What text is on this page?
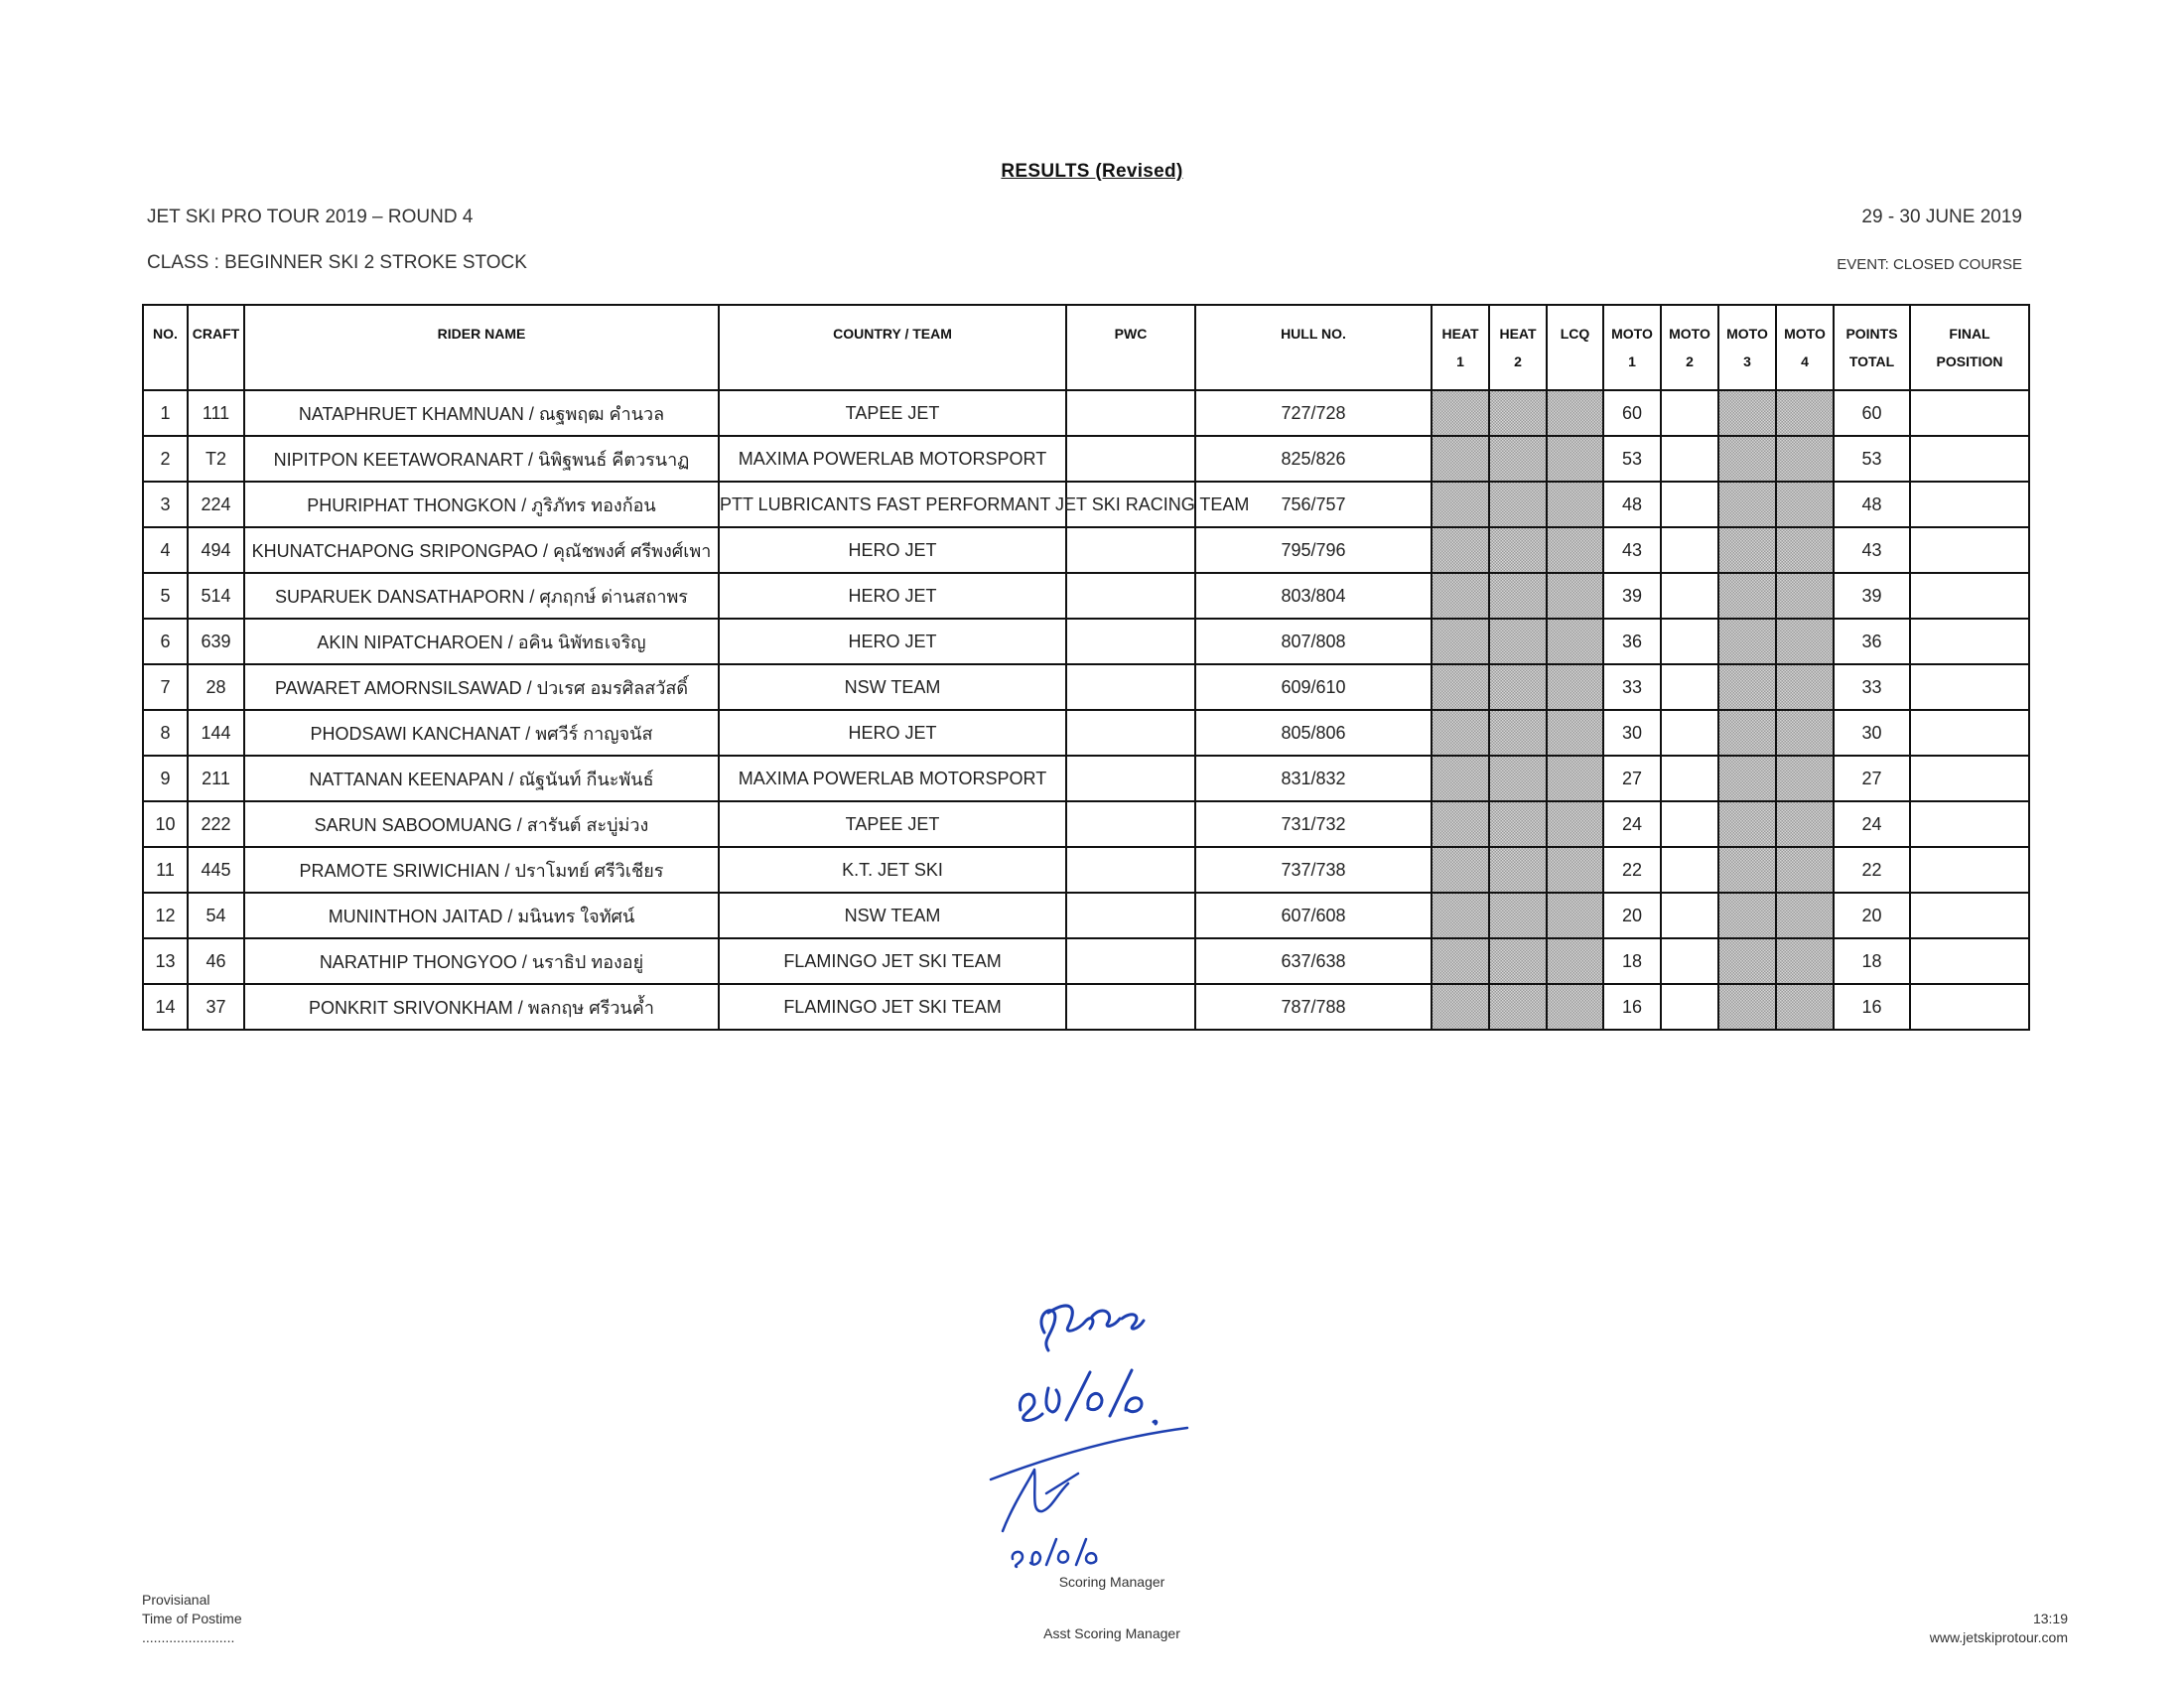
RESULTS (Revised)
JET SKI PRO TOUR 2019 – ROUND 4	29 - 30 JUNE 2019
CLASS : BEGINNER SKI 2 STROKE STOCK	EVENT: CLOSED COURSE
NO.	CRAFT	RIDER NAME	COUNTRY / TEAM	PWC	HULL NO.	HEAT	HEAT	LCQ	MOTO	MOTO	MOTO	MOTO	POINTS	FINAL
						1	2		1	2	3	4	TOTAL	POSITION
1	111	NATAPHRUET KHAMNUAN / ณฐพฤฒ คำนวล	TAPEE JET		727/728				60				60	
2	T2	NIPITPON KEETAWORANART / นิพิฐพนธ์ คีตวรนาฏ	MAXIMA POWERLAB MOTORSPORT		825/826				53				53	
3	224	PHURIPHAT THONGKON / ภูริภัทร ทองก้อน	PTT LUBRICANTS FAST PERFORMANT JET SKI RACING TEAM		756/757				48				48	
4	494	KHUNATCHAPONG SRIPONGPAO / คุณัชพงศ์ ศรีพงศ์เพา	HERO JET		795/796				43				43	
5	514	SUPARUEK DANSATHAPORN / ศุภฤกษ์ ด่านสถาพร	HERO JET		803/804				39				39	
6	639	AKIN NIPATCHAROEN / อคิน นิพัทธเจริญ	HERO JET		807/808				36				36	
7	28	PAWARET AMORNSILSAWAD / ปวเรศ อมรศิลสวัสดิ์	NSW TEAM		609/610				33				33	
8	144	PHODSAWI KANCHANAT / พศวีร์ กาญจนัส	HERO JET		805/806				30				30	
9	211	NATTANAN KEENAPAN / ณัฐนันท์ กีนะพันธ์	MAXIMA POWERLAB MOTORSPORT		831/832				27				27	
10	222	SARUN SABOOMUANG / สารันต์ สะบู่ม่วง	TAPEE JET		731/732				24				24	
11	445	PRAMOTE SRIWICHIAN / ปราโมทย์ ศรีวิเชียร	K.T. JET SKI		737/738				22				22	
12	54	MUNINTHON JAITAD / มนินทร ใจทัศน์	NSW TEAM		607/608				20				20	
13	46	NARATHIP THONGYOO / นราธิป ทองอยู่	FLAMINGO JET SKI TEAM		637/638				18				18	
14	37	PONKRIT SRIVONKHAM / พลกฤษ ศรีวนค้ำ	FLAMINGO JET SKI TEAM		787/788				16				16	
Scoring Manager
Asst Scoring Manager
Provisianal
Time of Postime
........................
13:19
www.jetskiprotour.com
